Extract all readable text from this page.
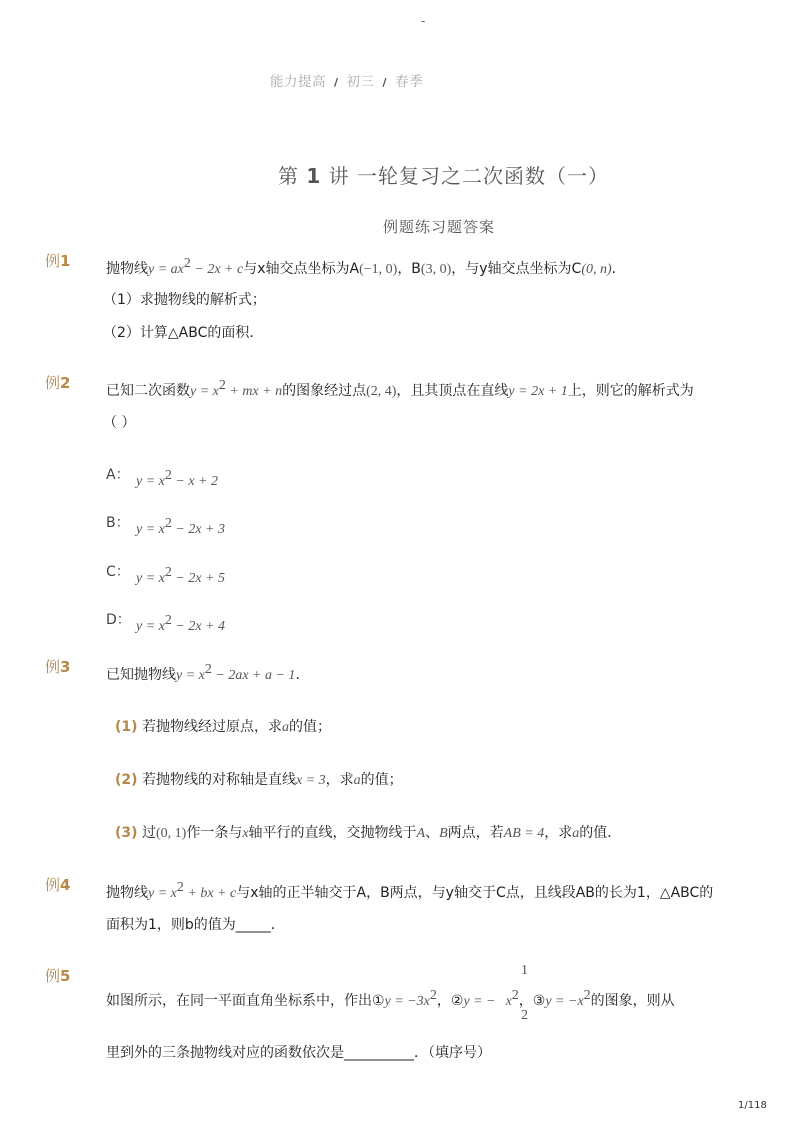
-
能力提高 / 初三 / 春季
第 1 讲 一轮复习之二次函数（一）
例题练习题答案
例1	抛物线$y = ax^2 - 2x + c$与x轴交点坐标为A(−1, 0)，B(3, 0)，与y轴交点坐标为C(0, n)．
（1）求抛物线的解析式；
（2）计算△ABC的面积．
例2	已知二次函数$y = x^2$ + mx + n的图象经过点(2, 4)，且其顶点在直线y = 2x + 1上，则它的解析式为
（ ）
A： $y = x^2 - x + 2$
B： $y = x^2 - 2x + 3$
C： $y = x^2 - 2x + 5$
D： $y = x^2 - 2x + 4$
例3	已知抛物线$y = x^2 - 2ax + a - 1$．
(1) 若抛物线经过原点，求a的值；
(2) 若抛物线的对称轴是直线x = 3，求a的值；
(3) 过(0, 1)作一条与x轴平行的直线，交抛物线于A、B两点，若AB = 4，求a的值．
例4	抛物线$y = x^2$ + bx + c与x轴的正半轴交于A，B两点，与y轴交于C点，且线段AB的长为1，△ABC的
面积为1，则b的值为_____．
例5	1
2
如图所示，在同一平面直角坐标系中，作出①y = $-3x^2$，②y = − $x^2$，③y = $-x^2$的图象，则从
里到外的三条抛物线对应的函数依次是__________．（填序号）
1/118
